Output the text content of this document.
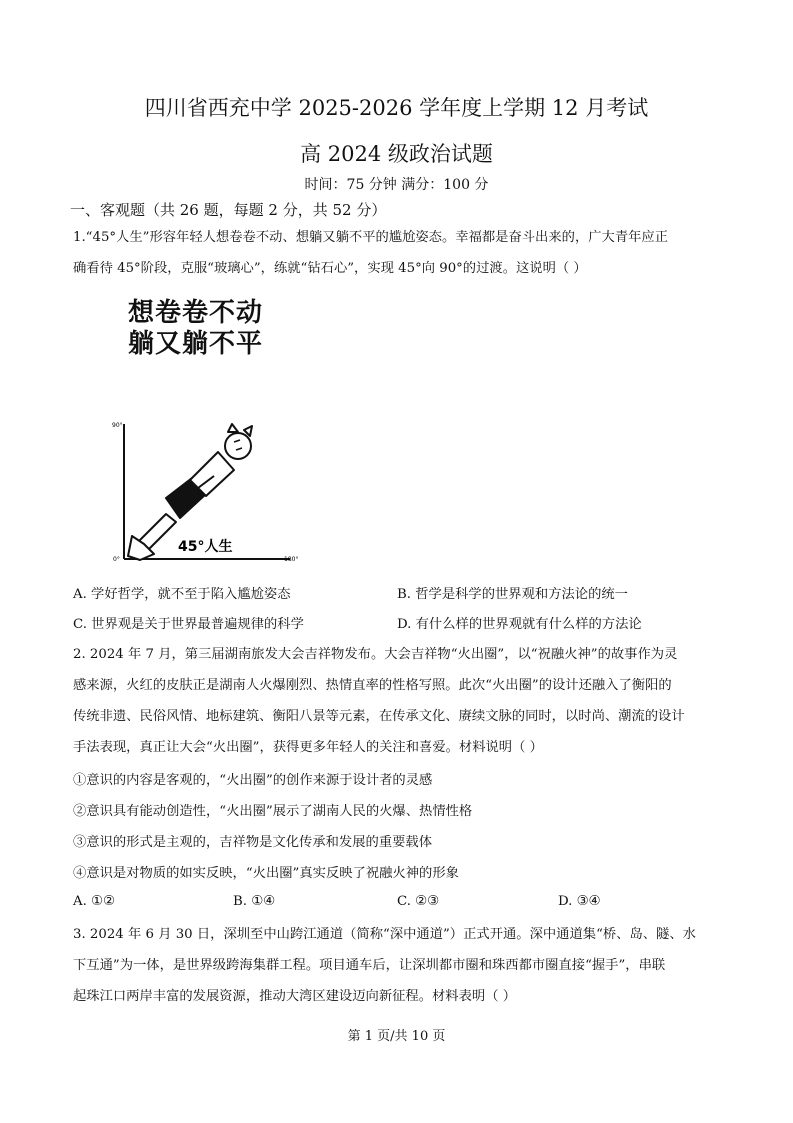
四川省西充中学 2025-2026 学年度上学期 12 月考试
高 2024 级政治试题
时间：75 分钟 满分：100 分
一、客观题（共 26 题，每题 2 分，共 52 分）
1.“45°人生”形容年轻人想卷卷不动、想躺又躺不平的尴尬姿态。幸福都是奋斗出来的，广大青年应正
确看待 45°阶段，克服“玻璃心”，练就“钻石心”，实现 45°向 90°的过渡。这说明（ ）
想卷卷不动
躺又躺不平
90°
0°	180°
45°人生
A. 学好哲学，就不至于陷入尴尬姿态	B. 哲学是科学的世界观和方法论的统一
C. 世界观是关于世界最普遍规律的科学	D. 有什么样的世界观就有什么样的方法论
2. 2024 年 7 月，第三届湖南旅发大会吉祥物发布。大会吉祥物“火出圈”，以“祝融火神”的故事作为灵
感来源，火红的皮肤正是湖南人火爆刚烈、热情直率的性格写照。此次“火出圈”的设计还融入了衡阳的
传统非遗、民俗风情、地标建筑、衡阳八景等元素，在传承文化、赓续文脉的同时，以时尚、潮流的设计
手法表现，真正让大会“火出圈”，获得更多年轻人的关注和喜爱。材料说明（ ）
①意识的内容是客观的，“火出圈”的创作来源于设计者的灵感
②意识具有能动创造性，“火出圈”展示了湖南人民的火爆、热情性格
③意识的形式是主观的，吉祥物是文化传承和发展的重要载体
④意识是对物质的如实反映，“火出圈”真实反映了祝融火神的形象
A. ①②	B. ①④	C. ②③	D. ③④
3. 2024 年 6 月 30 日，深圳至中山跨江通道（简称“深中通道”）正式开通。深中通道集“桥、岛、隧、水
下互通”为一体，是世界级跨海集群工程。项目通车后，让深圳都市圈和珠西都市圈直接“握手”，串联
起珠江口两岸丰富的发展资源，推动大湾区建设迈向新征程。材料表明（ ）
第 1 页/共 10 页
